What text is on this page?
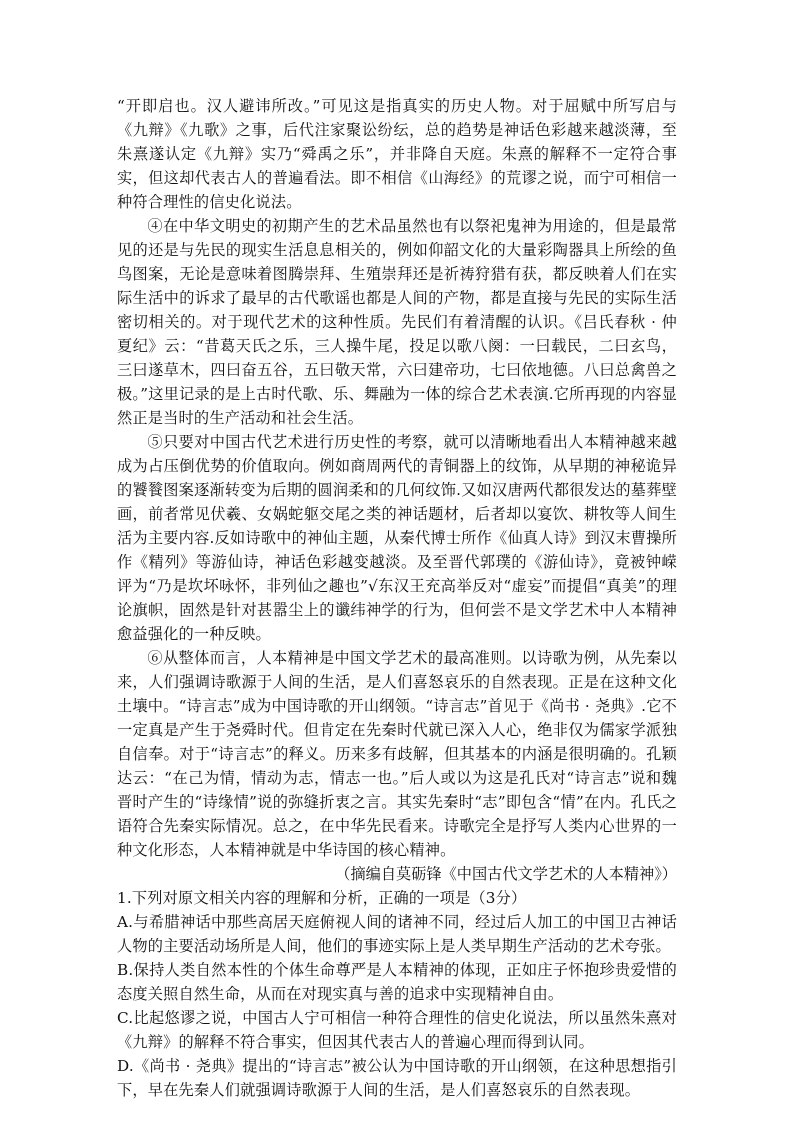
“开即启也。汉人避讳所改。”可见这是指真实的历史人物。对于屈赋中所写启与《九辩》《九歌》之事，后代注家聚讼纷纭，总的趋势是神话色彩越来越淡薄，至朱熹遂认定《九辩》实乃“舜禹之乐”，并非降自天庭。朱熹的解释不一定符合事实，但这却代表古人的普遍看法。即不相信《山海经》的荒谬之说，而宁可相信一种符合理性的信史化说法。

④在中华文明史的初期产生的艺术品虽然也有以祭祀鬼神为用途的，但是最常见的还是与先民的现实生活息息相关的，例如仰韶文化的大量彩陶器具上所绘的鱼鸟图案，无论是意味着图腾崇拜、生殖崇拜还是祈祷狩猎有获，都反映着人们在实际生活中的诉求了最早的古代歌谣也都是人间的产物，都是直接与先民的实际生活密切相关的。对于现代艺术的这种性质。先民们有着清醒的认识。《吕氏春秋 · 仲夏纪》云：“昔葛天氏之乐，三人操牛尾，投足以歌八阕：一曰载民，二曰玄鸟，三曰遂草木，四曰奋五谷，五曰敬天常，六曰建帝功，七曰依地德。八曰总禽兽之极。”这里记录的是上古时代歌、乐、舞融为一体的综合艺术表演.它所再现的内容显然正是当时的生产活动和社会生活。

⑤只要对中国古代艺术进行历史性的考察，就可以清晰地看出人本精神越来越成为占压倒优势的价值取向。例如商周两代的青铜器上的纹饰，从早期的神秘诡异的饕餮图案逐渐转变为后期的圆润柔和的几何纹饰.又如汉唐两代都很发达的墓葬壁画，前者常见伏羲、女娲蛇躯交尾之类的神话题材，后者却以宴饮、耕牧等人间生活为主要内容.反如诗歌中的神仙主题，从秦代博士所作《仙真人诗》到汉末曹操所作《精列》等游仙诗，神话色彩越变越淡。及至晋代郭璞的《游仙诗》，竟被钟嵘评为“乃是坎坏咏怀，非列仙之趣也”√东汉王充高举反对“虚妄”而提倡“真美”的理论旗帜，固然是针对甚嚣尘上的谶纬神学的行为，但何尝不是文学艺术中人本精神愈益强化的一种反映。

⑥从整体而言，人本精神是中国文学艺术的最高准则。以诗歌为例，从先秦以来，人们强调诗歌源于人间的生活，是人们喜怒哀乐的自然表现。正是在这种文化土壤中。“诗言志”成为中国诗歌的开山纲领。“诗言志”首见于《尚书 · 尧典》.它不一定真是产生于尧舜时代。但肯定在先秦时代就已深入人心，绝非仅为儒家学派独自信奉。对于“诗言志”的释义。历来多有歧解，但其基本的内涵是很明确的。孔颖达云：“在己为情，情动为志，情志一也。”后人或以为这是孔氏对“诗言志”说和魏晋时产生的“诗缘情”说的弥缝折衷之言。其实先秦时“志”即包含“情”在内。孔氏之语符合先秦实际情况。总之，在中华先民看来。诗歌完全是抒写人类内心世界的一种文化形态，人本精神就是中华诗国的核心精神。

（摘编自莫砺锋《中国古代文学艺术的人本精神》）

1.下列对原文相关内容的理解和分析，正确的一项是（3分）

A.与希腊神话中那些高居天庭俯视人间的诸神不同，经过后人加工的中国卫古神话人物的主要活动场所是人间，他们的事迹实际上是人类早期生产活动的艺术夸张。

B.保持人类自然本性的个体生命尊严是人本精神的体现，正如庄子怀抱珍贵爱惜的态度关照自然生命，从而在对现实真与善的追求中实现精神自由。

C.比起悠谬之说，中国古人宁可相信一种符合理性的信史化说法，所以虽然朱熹对《九辩》的解释不符合事实，但因其代表古人的普遍心理而得到认同。

D.《尚书 · 尧典》提出的“诗言志”被公认为中国诗歌的开山纲领，在这种思想指引下，早在先秦人们就强调诗歌源于人间的生活，是人们喜怒哀乐的自然表现。
